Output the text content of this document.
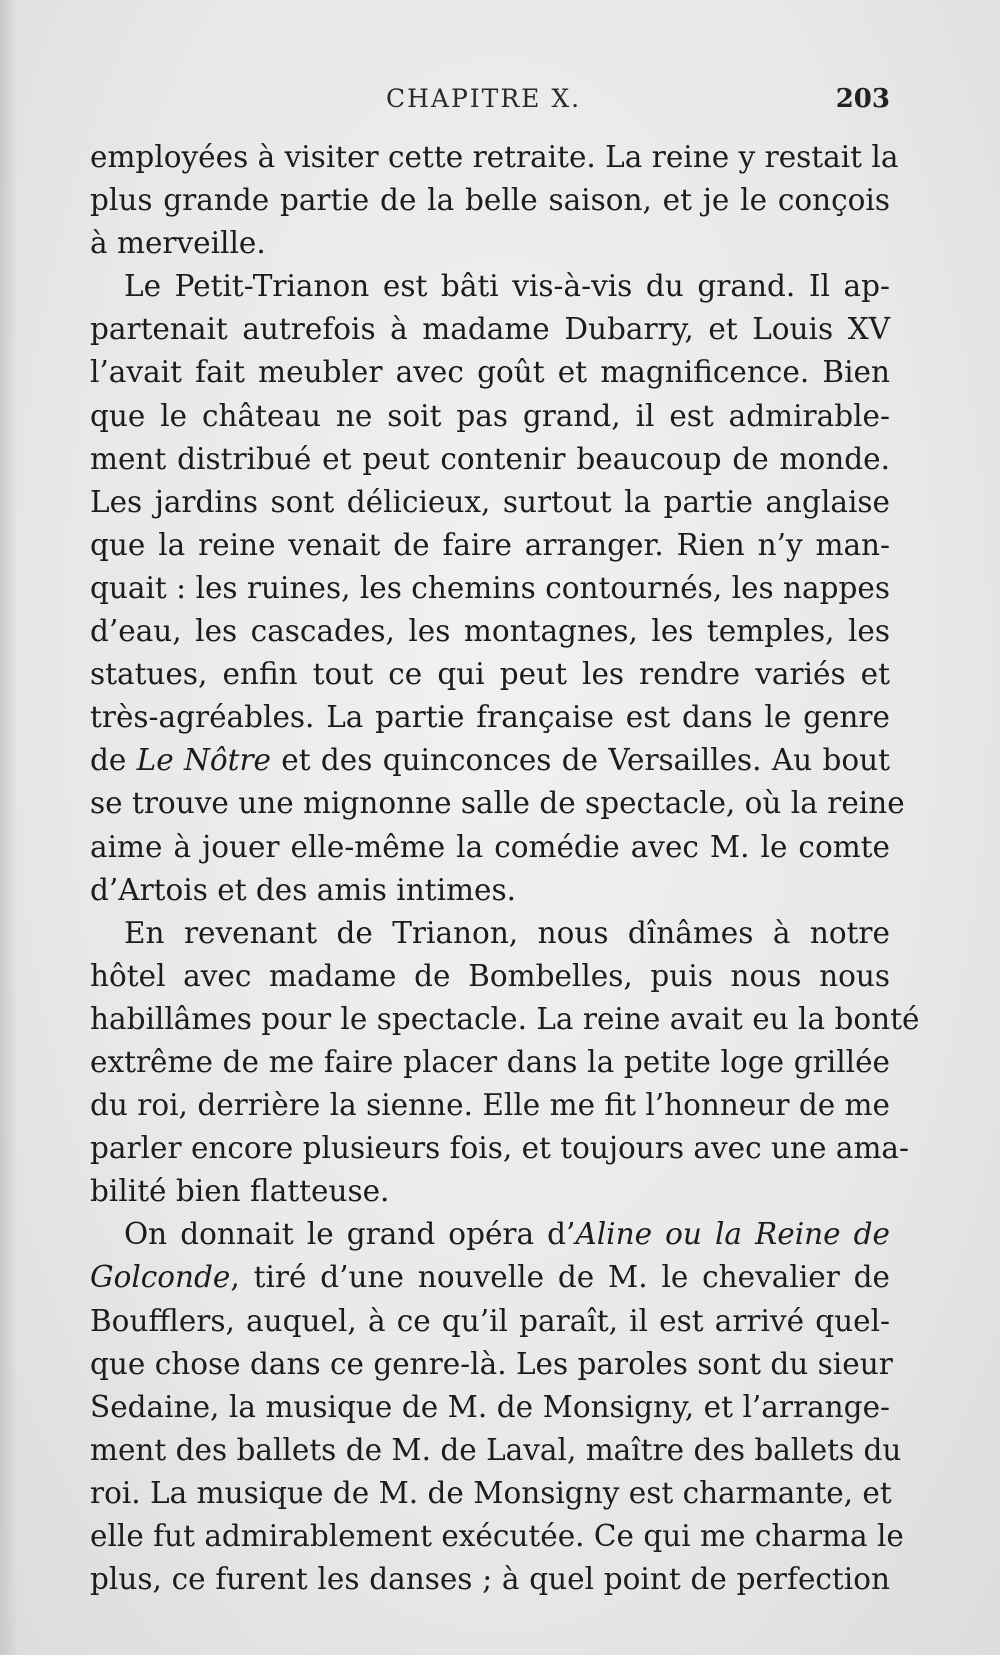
CHAPITRE X.	203
employées à visiter cette retraite. La reine y restait la
plus grande partie de la belle saison, et je le conçois
à merveille.
Le Petit-Trianon est bâti vis-à-vis du grand. Il ap-
partenait autrefois à madame Dubarry, et Louis XV
l’avait fait meubler avec goût et magnificence. Bien
que le château ne soit pas grand, il est admirable-
ment distribué et peut contenir beaucoup de monde.
Les jardins sont délicieux, surtout la partie anglaise
que la reine venait de faire arranger. Rien n’y man-
quait : les ruines, les chemins contournés, les nappes
d’eau, les cascades, les montagnes, les temples, les
statues, enfin tout ce qui peut les rendre variés et
très-agréables. La partie française est dans le genre
de Le Nôtre et des quinconces de Versailles. Au bout
se trouve une mignonne salle de spectacle, où la reine
aime à jouer elle-même la comédie avec M. le comte
d’Artois et des amis intimes.
En revenant de Trianon, nous dînâmes à notre
hôtel avec madame de Bombelles, puis nous nous
habillâmes pour le spectacle. La reine avait eu la bonté
extrême de me faire placer dans la petite loge grillée
du roi, derrière la sienne. Elle me fit l’honneur de me
parler encore plusieurs fois, et toujours avec une ama-
bilité bien flatteuse.
On donnait le grand opéra d’Aline ou la Reine de
Golconde, tiré d’une nouvelle de M. le chevalier de
Boufflers, auquel, à ce qu’il paraît, il est arrivé quel-
que chose dans ce genre-là. Les paroles sont du sieur
Sedaine, la musique de M. de Monsigny, et l’arrange-
ment des ballets de M. de Laval, maître des ballets du
roi. La musique de M. de Monsigny est charmante, et
elle fut admirablement exécutée. Ce qui me charma le
plus, ce furent les danses ; à quel point de perfection
